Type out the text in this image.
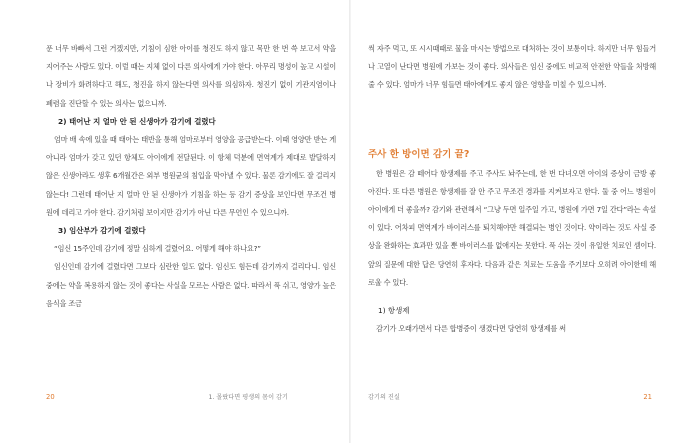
푼 너무 바빠서 그런 거겠지만, 기침이 심한 아이를 청진도 하지 않고 목만 한 번 쓱 보고서 약을 지어주는 사람도 있다. 이럴 때는 지체 없이 다른 의사에게 가야 한다. 아무리 명성이 높고 시설이나 장비가 화려하다고 해도, 청진을 하지 않는다면 의사를 의심하자. 청진기 없이 기관지염이나 폐렴을 진단할 수 있는 의사는 없으니까.

2) 태어난 지 얼마 안 된 신생아가 감기에 걸렸다

엄마 배 속에 있을 때 태아는 태반을 통해 엄마로부터 영양을 공급받는다. 이때 영양만 받는 게 아니라 엄마가 갖고 있던 항체도 아이에게 전달된다. 이 항체 덕분에 면역계가 제대로 발달하지 않은 신생아라도 생후 6개월간은 외부 병원균의 침입을 막아낼 수 있다. 물론 감기에도 잘 걸리지 않는다! 그런데 태어난 지 얼마 안 된 신생아가 기침을 하는 등 감기 증상을 보인다면 무조건 병원에 데리고 가야 한다. 감기처럼 보이지만 감기가 아닌 다른 무언인 수 있으니까.

3) 임산부가 감기에 걸렸다

“임신 15주인데 감기에 정말 심하게 걸렸어요. 어떻게 해야 하나요?”

임신인데 감기에 걸렸다면 그보다 심란한 일도 없다. 임신도 힘든데 감기까지 걸리다니. 임신 중에는 약을 복용하지 않는 것이 좋다는 사실을 모르는 사람은 없다. 따라서 푹 쉬고, 영양가 높은 음식을 조금

20	1. 몰랐다면 평생의 몸이 감기

씩 자주 먹고, 또 시시때때로 물을 마시는 방법으로 대처하는 것이 보통이다. 하지만 너무 힘들거나 고열이 난다면 병원에 가보는 것이 좋다. 의사들은 임신 중에도 비교적 안전한 약들을 처방해줄 수 있다. 엄마가 너무 힘들면 태아에게도 좋지 않은 영향을 미칠 수 있으니까.

주사 한 방이면 감기 끝?

한 병원은 감 떼어다 항생제를 주고 주사도 놔주는데, 한 번 다녀오면 아이의 증상이 금방 좋아진다. 또 다른 병원은 항생제를 잘 안 주고 무조건 경과를 지켜보자고 한다. 둘 중 어느 병원이 아이에게 더 좋을까? 감기와 관련해서 “그냥 두면 일주일 가고, 병원에 가면 7일 간다”라는 속설이 있다. 어차피 면역계가 바이러스를 퇴치해야만 해결되는 병인 것이다. 약이라는 것도 사실 증상을 완화하는 효과만 있을 뿐 바이러스를 없애지는 못한다. 푹 쉬는 것이 유일한 치료인 셈이다. 앞의 질문에 대한 답은 당연히 후자다. 다음과 같은 치료는 도움을 주기보다 오히려 아이한테 해로울 수 있다.

1) 항생제

감기가 오래가면서 다른 합병증이 생겼다면 당연히 항생제를 써

감기의 진실	21
